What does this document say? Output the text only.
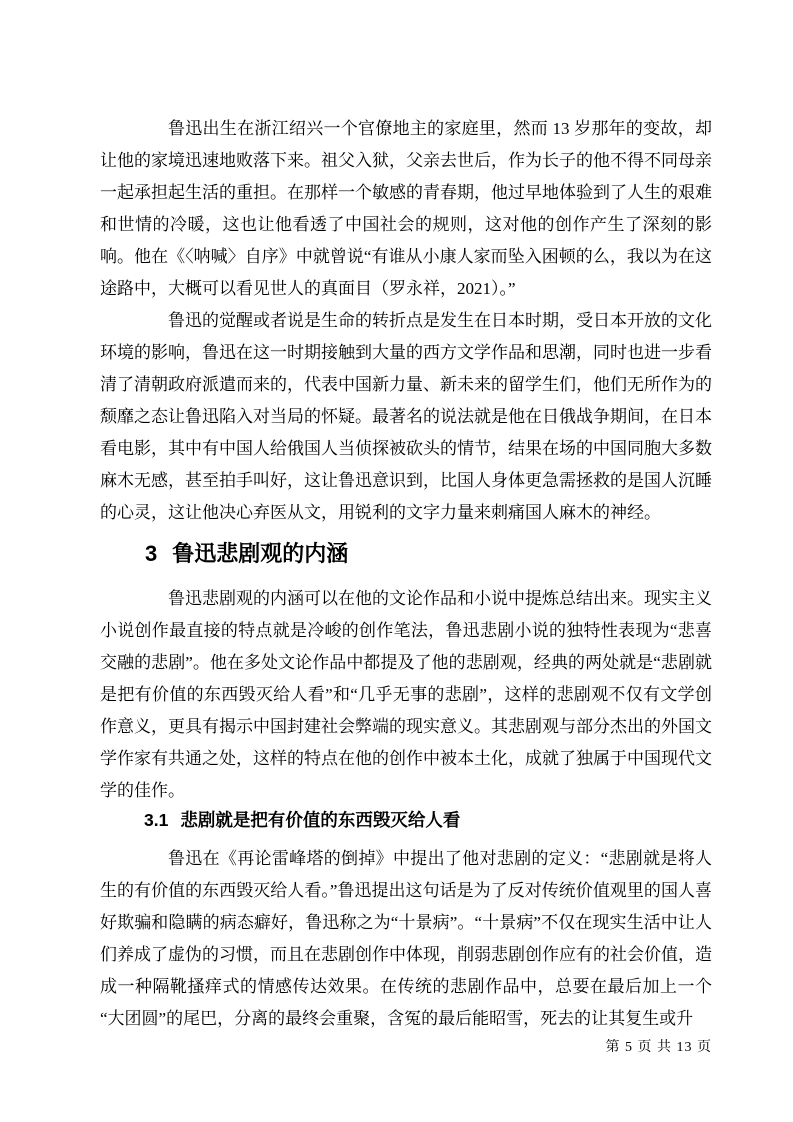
鲁迅出生在浙江绍兴一个官僚地主的家庭里，然而 13 岁那年的变故，却让他的家境迅速地败落下来。祖父入狱，父亲去世后，作为长子的他不得不同母亲一起承担起生活的重担。在那样一个敏感的青春期，他过早地体验到了人生的艰难和世情的冷暖，这也让他看透了中国社会的规则，这对他的创作产生了深刻的影响。他在《〈呐喊〉自序》中就曾说“有谁从小康人家而坠入困顿的么，我以为在这途路中，大概可以看见世人的真面目（罗永祥，2021）。”

鲁迅的觉醒或者说是生命的转折点是发生在日本时期，受日本开放的文化环境的影响，鲁迅在这一时期接触到大量的西方文学作品和思潮，同时也进一步看清了清朝政府派遣而来的，代表中国新力量、新未来的留学生们，他们无所作为的颓靡之态让鲁迅陷入对当局的怀疑。最著名的说法就是他在日俄战争期间，在日本看电影，其中有中国人给俄国人当侦探被砍头的情节，结果在场的中国同胞大多数麻木无感，甚至拍手叫好，这让鲁迅意识到，比国人身体更急需拯救的是国人沉睡的心灵，这让他决心弃医从文，用锐利的文字力量来刺痛国人麻木的神经。

3 鲁迅悲剧观的内涵

鲁迅悲剧观的内涵可以在他的文论作品和小说中提炼总结出来。现实主义小说创作最直接的特点就是冷峻的创作笔法，鲁迅悲剧小说的独特性表现为“悲喜交融的悲剧”。他在多处文论作品中都提及了他的悲剧观，经典的两处就是“悲剧就是把有价值的东西毁灭给人看”和“几乎无事的悲剧”，这样的悲剧观不仅有文学创作意义，更具有揭示中国封建社会弊端的现实意义。其悲剧观与部分杰出的外国文学作家有共通之处，这样的特点在他的创作中被本土化，成就了独属于中国现代文学的佳作。

3.1 悲剧就是把有价值的东西毁灭给人看

鲁迅在《再论雷峰塔的倒掉》中提出了他对悲剧的定义：“悲剧就是将人生的有价值的东西毁灭给人看。”鲁迅提出这句话是为了反对传统价值观里的国人喜好欺骗和隐瞒的病态癖好，鲁迅称之为“十景病”。“十景病”不仅在现实生活中让人们养成了虚伪的习惯，而且在悲剧创作中体现，削弱悲剧创作应有的社会价值，造成一种隔靴搔痒式的情感传达效果。在传统的悲剧作品中，总要在最后加上一个“大团圆”的尾巴，分离的最终会重聚，含冤的最后能昭雪，死去的让其复生或升

第 5 页 共 13 页
